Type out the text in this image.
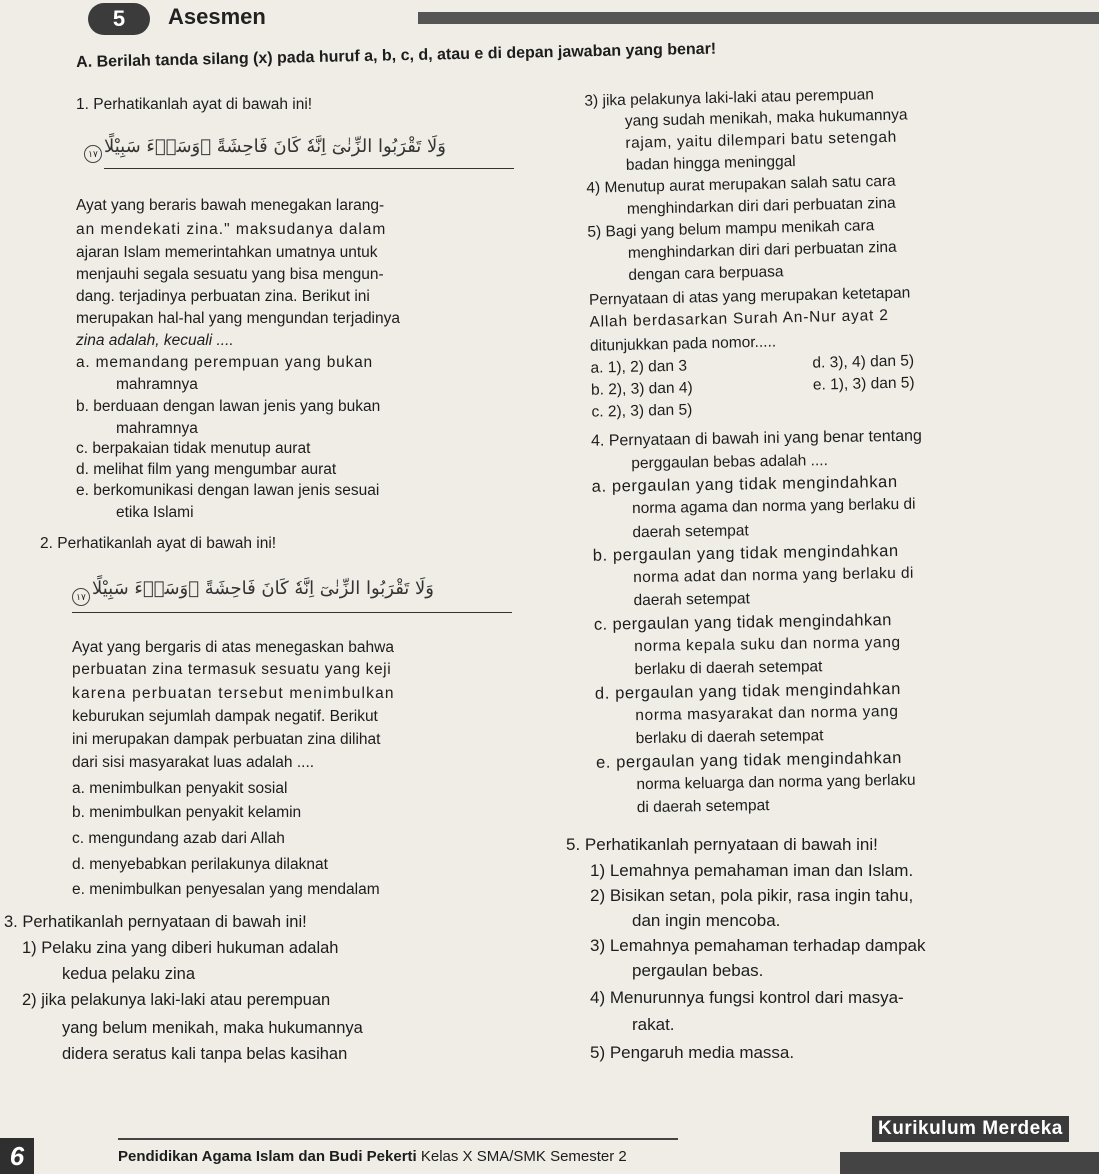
5	Asesmen
A. Berilah tanda silang (x) pada huruf a, b, c, d, atau e di depan jawaban yang benar!
1. Perhatikanlah ayat di bawah ini!
١٧ وَلَا تَقْرَبُوا الزِّنٰىٓ اِنَّهٗ كَانَ فَاحِشَةً ۗوَسَاۤءَ سَبِيْلًا
Ayat yang beraris bawah menegakan larang-
an mendekati zina." maksudanya dalam
ajaran Islam memerintahkan umatnya untuk
menjauhi segala sesuatu yang bisa mengun-
dang. terjadinya perbuatan zina. Berikut ini
merupakan hal-hal yang mengundan terjadinya
zina adalah, kecuali ....
a. memandang perempuan yang bukan
mahramnya
b. berduaan dengan lawan jenis yang bukan
mahramnya
c. berpakaian tidak menutup aurat
d. melihat film yang mengumbar aurat
e. berkomunikasi dengan lawan jenis sesuai
etika Islami
2. Perhatikanlah ayat di bawah ini!
١٧ وَلَا تَقْرَبُوا الزِّنٰىٓ اِنَّهٗ كَانَ فَاحِشَةً ۗوَسَاۤءَ سَبِيْلًا
Ayat yang bergaris di atas menegaskan bahwa
perbuatan zina termasuk sesuatu yang keji
karena perbuatan tersebut menimbulkan
keburukan sejumlah dampak negatif. Berikut
ini merupakan dampak perbuatan zina dilihat
dari sisi masyarakat luas adalah ....
a. menimbulkan penyakit sosial
b. menimbulkan penyakit kelamin
c. mengundang azab dari Allah
d. menyebabkan perilakunya dilaknat
e. menimbulkan penyesalan yang mendalam
3. Perhatikanlah pernyataan di bawah ini!
1) Pelaku zina yang diberi hukuman adalah
kedua pelaku zina
2) jika pelakunya laki-laki atau perempuan
yang belum menikah, maka hukumannya
didera seratus kali tanpa belas kasihan
3) jika pelakunya laki-laki atau perempuan
yang sudah menikah, maka hukumannya
rajam, yaitu dilempari batu setengah
badan hingga meninggal
4) Menutup aurat merupakan salah satu cara
menghindarkan diri dari perbuatan zina
5) Bagi yang belum mampu menikah cara
menghindarkan diri dari perbuatan zina
dengan cara berpuasa
Pernyataan di atas yang merupakan ketetapan
Allah berdasarkan Surah An-Nur ayat 2
ditunjukkan pada nomor.....
a. 1), 2) dan 3	d. 3), 4) dan 5)
b. 2), 3) dan 4)	e. 1), 3) dan 5)
c. 2), 3) dan 5)
4. Pernyataan di bawah ini yang benar tentang
perggaulan bebas adalah ....
a. pergaulan yang tidak mengindahkan
norma agama dan norma yang berlaku di
daerah setempat
b. pergaulan yang tidak mengindahkan
norma adat dan norma yang berlaku di
daerah setempat
c. pergaulan yang tidak mengindahkan
norma kepala suku dan norma yang
berlaku di daerah setempat
d. pergaulan yang tidak mengindahkan
norma masyarakat dan norma yang
berlaku di daerah setempat
e. pergaulan yang tidak mengindahkan
norma keluarga dan norma yang berlaku
di daerah setempat
5. Perhatikanlah pernyataan di bawah ini!
1) Lemahnya pemahaman iman dan Islam.
2) Bisikan setan, pola pikir, rasa ingin tahu,
dan ingin mencoba.
3) Lemahnya pemahaman terhadap dampak
pergaulan bebas.
4) Menurunnya fungsi kontrol dari masya-
rakat.
5) Pengaruh media massa.
6	Pendidikan Agama Islam dan Budi Pekerti Kelas X SMA/SMK Semester 2
Kurikulum Merdeka
